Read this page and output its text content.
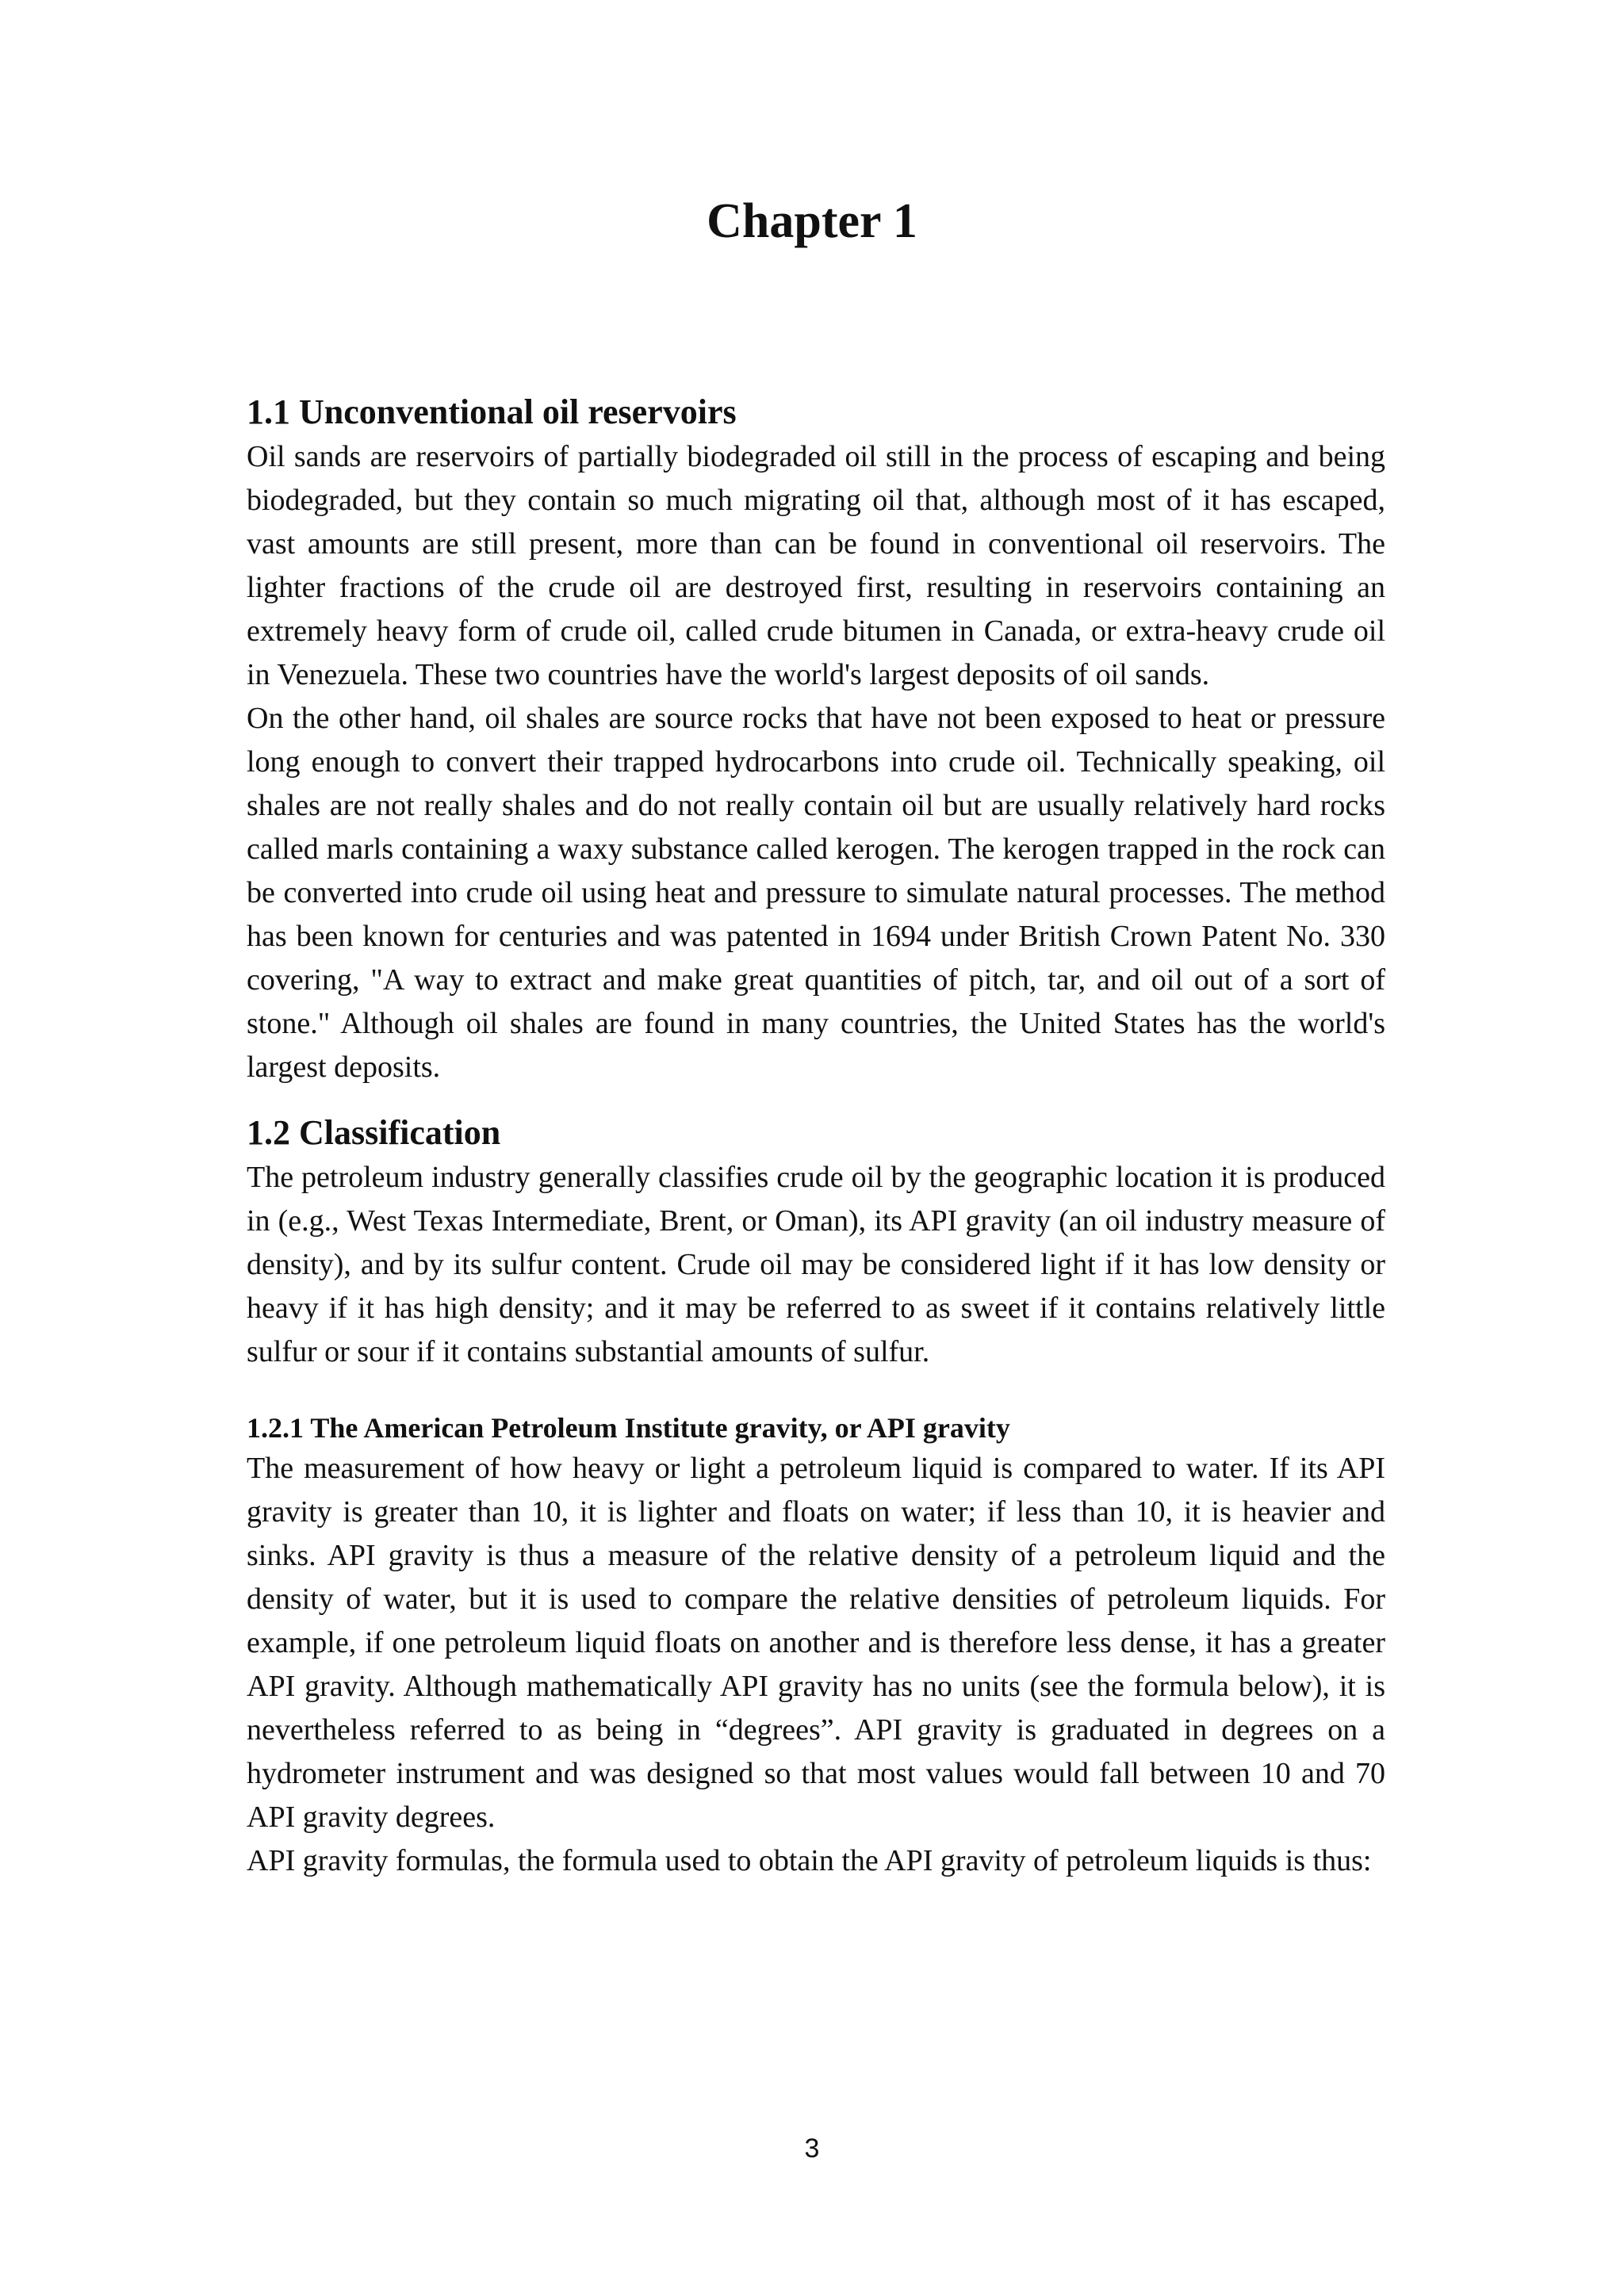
Chapter 1
1.1 Unconventional oil reservoirs

Oil sands are reservoirs of partially biodegraded oil still in the process of escaping and being biodegraded, but they contain so much migrating oil that, although most of it has escaped, vast amounts are still present, more than can be found in conventional oil reservoirs. The lighter fractions of the crude oil are destroyed first, resulting in reservoirs containing an extremely heavy form of crude oil, called crude bitumen in Canada, or extra-heavy crude oil in Venezuela. These two countries have the world's largest deposits of oil sands.

On the other hand, oil shales are source rocks that have not been exposed to heat or pressure long enough to convert their trapped hydrocarbons into crude oil. Technically speaking, oil shales are not really shales and do not really contain oil but are usually relatively hard rocks called marls containing a waxy substance called kerogen. The kerogen trapped in the rock can be converted into crude oil using heat and pressure to simulate natural processes. The method has been known for centuries and was patented in 1694 under British Crown Patent No. 330 covering, "A way to extract and make great quantities of pitch, tar, and oil out of a sort of stone." Although oil shales are found in many countries, the United States has the world's largest deposits.

1.2 Classification

The petroleum industry generally classifies crude oil by the geographic location it is produced in (e.g., West Texas Intermediate, Brent, or Oman), its API gravity (an oil industry measure of density), and by its sulfur content. Crude oil may be considered light if it has low density or heavy if it has high density; and it may be referred to as sweet if it contains relatively little sulfur or sour if it contains substantial amounts of sulfur.

1.2.1 The American Petroleum Institute gravity, or API gravity

The measurement of how heavy or light a petroleum liquid is compared to water. If its API gravity is greater than 10, it is lighter and floats on water; if less than 10, it is heavier and sinks. API gravity is thus a measure of the relative density of a petroleum liquid and the density of water, but it is used to compare the relative densities of petroleum liquids. For example, if one petroleum liquid floats on another and is therefore less dense, it has a greater API gravity. Although mathematically API gravity has no units (see the formula below), it is nevertheless referred to as being in “degrees”. API gravity is graduated in degrees on a hydrometer instrument and was designed so that most values would fall between 10 and 70 API gravity degrees.

API gravity formulas, the formula used to obtain the API gravity of petroleum liquids is thus:

3
